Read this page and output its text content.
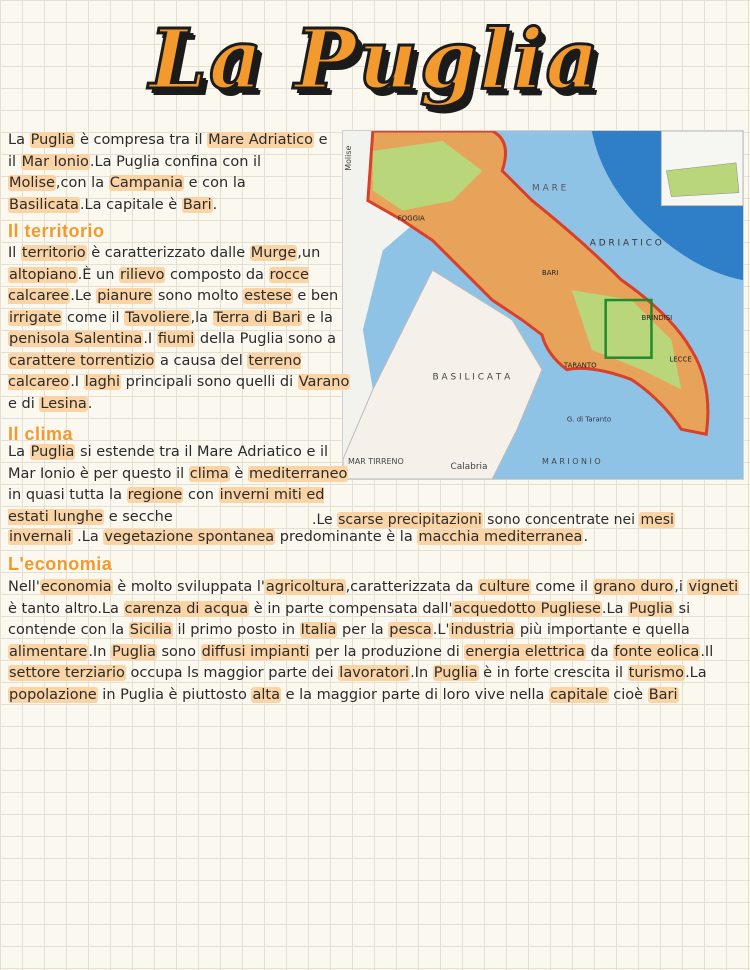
La Puglia
M A R E
A D R I A T I C O
B A S I L I C A T A
MAR TIRRENO
Calabria
M A R I O N I O
Molise
G. di Taranto
BARI
FOGGIA
TARANTO
LECCE
BRINDISI

La Puglia è compresa tra il Mare Adriatico e il Mar Ionio.La Puglia confina con il Molise,con la Campania e con la Basilicata.La capitale è Bari.

Il territorio

Il territorio è caratterizzato dalle Murge,un altopiano.È un rilievo composto da rocce calcaree.Le pianure sono molto estese e ben irrigate come il Tavoliere,la Terra di Bari e la penisola Salentina.I fiumi della Puglia sono a carattere torrentizio a causa del terreno calcareo.I laghi principali sono quelli di Varano e di Lesina.

Il clima

La Puglia si estende tra il Mare Adriatico e il Mar Ionio è per questo il clima è mediterraneo in quasi tutta la regione con inverni miti ed estati lunghe e secche	.Le scarse precipitazioni sono concentrate nei mesi

invernali .La vegetazione spontanea predominante è la macchia mediterranea.

L'economia

Nell'economia è molto sviluppata l'agricoltura,caratterizzata da culture come il grano duro,i vigneti è tanto altro.La carenza di acqua è in parte compensata dall'acquedotto Pugliese.La Puglia si contende con la Sicilia il primo posto in Italia per la pesca.L'industria più importante e quella alimentare.In Puglia sono diffusi impianti per la produzione di energia elettrica da fonte eolica.Il settore terziario occupa ls maggior parte dei lavoratori.In Puglia è in forte crescita il turismo.La popolazione in Puglia è piuttosto alta e la maggior parte di loro vive nella capitale cioè Bari
